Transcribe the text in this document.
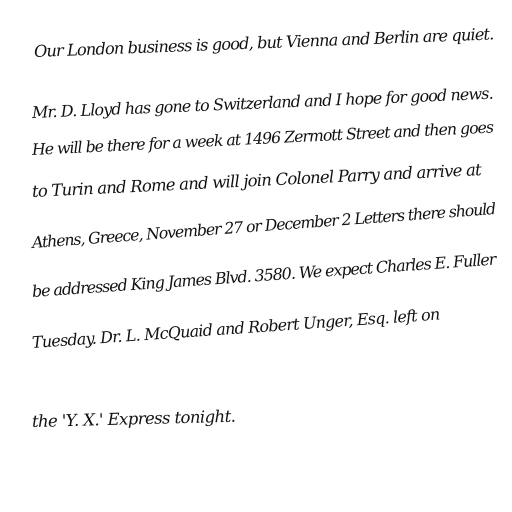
Our London business is good, but Vienna and Berlin are quiet.
Mr. D. Lloyd has gone to Switzerland and I hope for good news.
He will be there for a week at 1496 Zermott Street and then goes
to Turin and Rome and will join Colonel Parry and arrive at
Athens, Greece, November 27 or December 2 Letters there should
be addressed King James Blvd. 3580. We expect Charles E. Fuller
Tuesday. Dr. L. McQuaid and Robert Unger, Esq. left on
the 'Y. X.' Express tonight.
